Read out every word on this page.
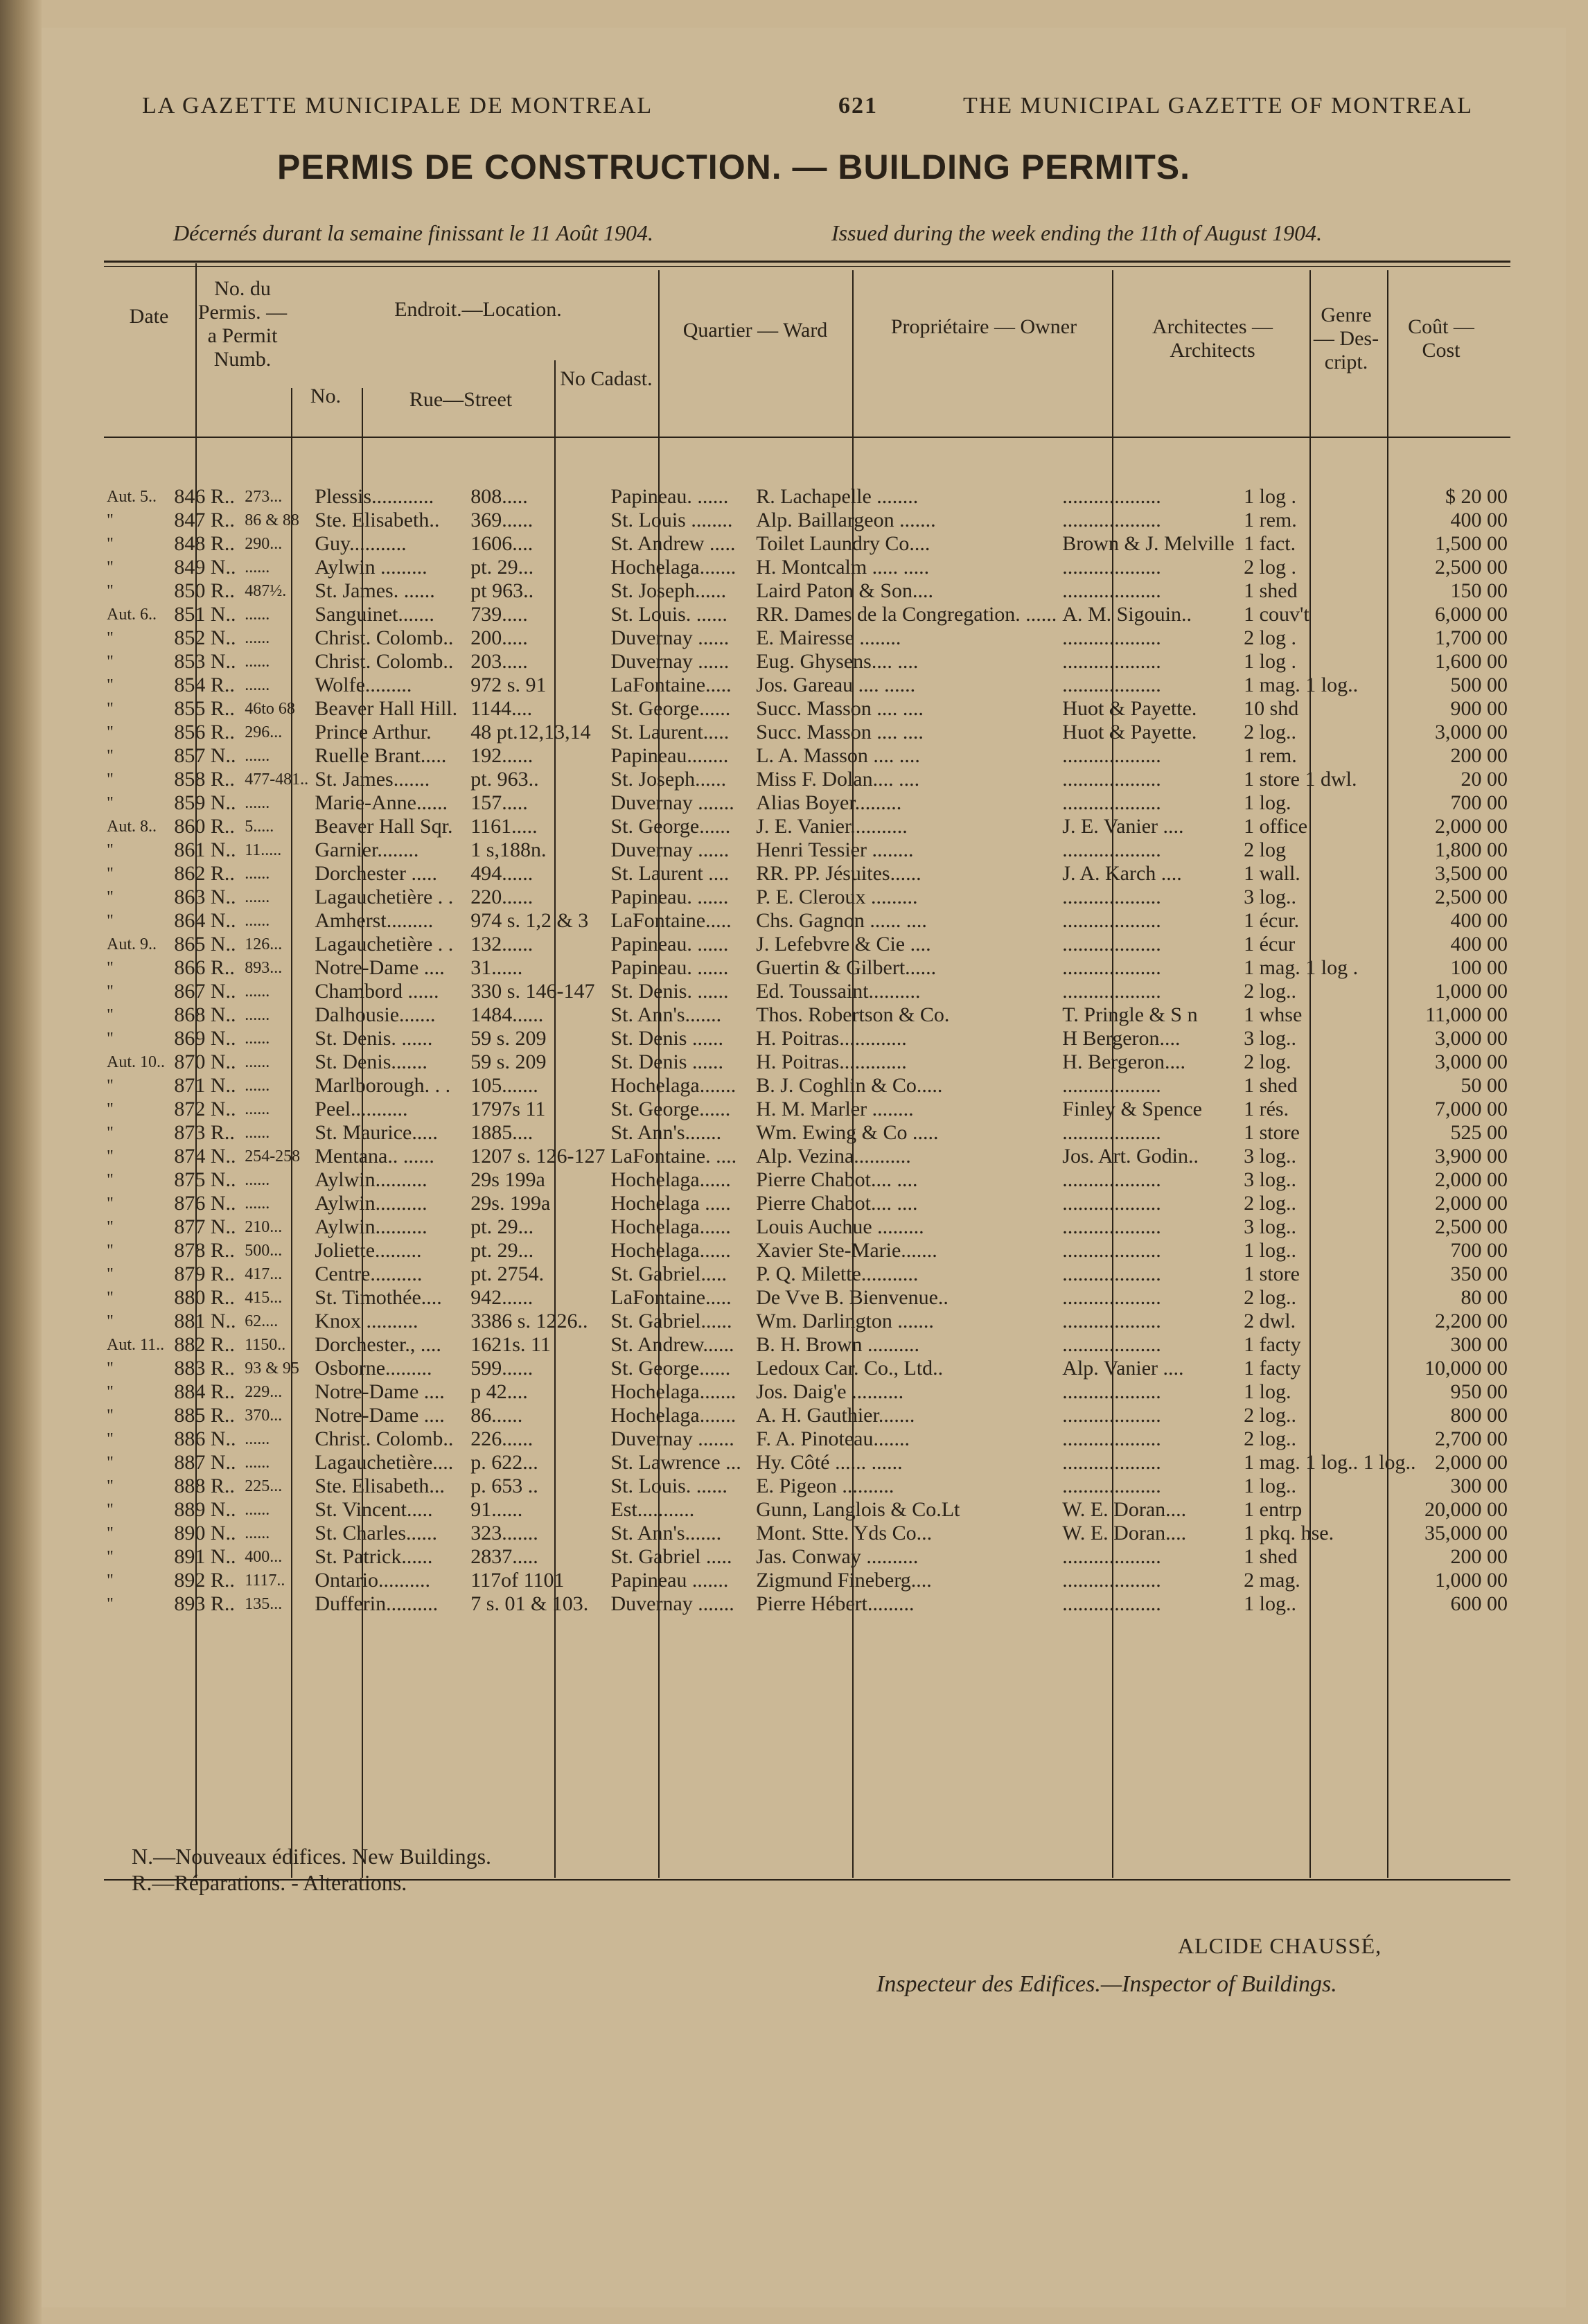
LA GAZETTE MUNICIPALE DE MONTREAL	621	THE MUNICIPAL GAZETTE OF MONTREAL
PERMIS DE CONSTRUCTION. — BUILDING PERMITS.
Décernés durant la semaine finissant le 11 Août 1904.	Issued during the week ending the 11th of August 1904.
Date
No. du Permis. —a Permit Numb.
Endroit.—Location.
No.	Rue—Street
No Cadast.
Quartier — Ward	Propriétaire — Owner	Architectes — Architects
Genre — Des-cript.
Coût — Cost
Aut. 5..	846 R..	273...	Plessis............	808.....	Papineau. ......	R. Lachapelle ........	...................	1 log .	$ 20 00
"	847 R..	86 & 88	Ste. Elisabeth..	369......	St. Louis ........	Alp. Baillargeon .......	...................	1 rem.	400 00
"	848 R..	290...	Guy...........	1606....	St. Andrew .....	Toilet Laundry Co....	Brown & J. Melville	1 fact.	1,500 00
"	849 N..	......	Aylwin .........	pt. 29...	Hochelaga.......	H. Montcalm ..... .....	...................	2 log .	2,500 00
"	850 R..	487½.	St. James. ......	pt 963..	St. Joseph......	Laird Paton & Son....	...................	1 shed	150 00
Aut. 6..	851 N..	......	Sanguinet.......	739.....	St. Louis. ......	RR. Dames de la Congregation. ......	A. M. Sigouin..	1 couv't	6,000 00
"	852 N..	......	Christ. Colomb..	200.....	Duvernay ......	E. Mairesse ........	...................	2 log .	1,700 00
"	853 N..	......	Christ. Colomb..	203.....	Duvernay ......	Eug. Ghysens.... ....	...................	1 log .	1,600 00
"	854 R..	......	Wolfe.........	972 s. 91	LaFontaine.....	Jos. Gareau .... ......	...................	1 mag. 1 log..	500 00
"	855 R..	46to 68	Beaver Hall Hill.	1144....	St. George......	Succ. Masson .... ....	Huot & Payette.	10 shd	900 00
"	856 R..	296...	Prince Arthur.	48 pt.12,13,14	St. Laurent.....	Succ. Masson .... ....	Huot & Payette.	2 log..	3,000 00
"	857 N..	......	Ruelle Brant.....	192......	Papineau........	L. A. Masson .... ....	...................	1 rem.	200 00
"	858 R..	477-481..	St. James.......	pt. 963..	St. Joseph......	Miss F. Dolan.... ....	...................	1 store 1 dwl.	20 00
"	859 N..	......	Marie-Anne......	157.....	Duvernay .......	Alias Boyer.........	...................	1 log.	700 00
Aut. 8..	860 R..	5.....	Beaver Hall Sqr.	1161.....	St. George......	J. E. Vanier...........	J. E. Vanier ....	1 office	2,000 00
"	861 N..	11.....	Garnier........	1 s,188n.	Duvernay ......	Henri Tessier ........	...................	2 log	1,800 00
"	862 R..	......	Dorchester .....	494......	St. Laurent ....	RR. PP. Jésuites......	J. A. Karch ....	1 wall.	3,500 00
"	863 N..	......	Lagauchetière . .	220......	Papineau. ......	P. E. Cleroux .........	...................	3 log..	2,500 00
"	864 N..	......	Amherst.........	974 s. 1,2 & 3	LaFontaine.....	Chs. Gagnon ...... ....	...................	1 écur.	400 00
Aut. 9..	865 N..	126...	Lagauchetière . .	132......	Papineau. ......	J. Lefebvre & Cie ....	...................	1 écur	400 00
"	866 R..	893...	Notre-Dame ....	31......	Papineau. ......	Guertin & Gilbert......	...................	1 mag. 1 log .	100 00
"	867 N..	......	Chambord ......	330 s. 146-147	St. Denis. ......	Ed. Toussaint..........	...................	2 log..	1,000 00
"	868 N..	......	Dalhousie.......	1484......	St. Ann's.......	Thos. Robertson & Co.	T. Pringle & S n	1 whse	11,000 00
"	869 N..	......	St. Denis. ......	59 s. 209	St. Denis ......	H. Poitras.............	H Bergeron....	3 log..	3,000 00
Aut. 10..	870 N..	......	St. Denis.......	59 s. 209	St. Denis ......	H. Poitras.............	H. Bergeron....	2 log.	3,000 00
"	871 N..	......	Marlborough. . .	105.......	Hochelaga.......	B. J. Coghlin & Co.....	...................	1 shed	50 00
"	872 N..	......	Peel...........	1797s 11	St. George......	H. M. Marler ........	Finley & Spence	1 rés.	7,000 00
"	873 R..	......	St. Maurice.....	1885....	St. Ann's.......	Wm. Ewing & Co .....	...................	1 store	525 00
"	874 N..	254-258	Mentana.. ......	1207 s. 126-127	LaFontaine. ....	Alp. Vezina...........	Jos. Art. Godin..	3 log..	3,900 00
"	875 N..	......	Aylwin..........	29s 199a	Hochelaga......	Pierre Chabot.... ....	...................	3 log..	2,000 00
"	876 N..	......	Aylwin..........	29s. 199a	Hochelaga .....	Pierre Chabot.... ....	...................	2 log..	2,000 00
"	877 N..	210...	Aylwin..........	pt. 29...	Hochelaga......	Louis Auchue .........	...................	3 log..	2,500 00
"	878 R..	500...	Joliette.........	pt. 29...	Hochelaga......	Xavier Ste-Marie.......	...................	1 log..	700 00
"	879 R..	417...	Centre..........	pt. 2754.	St. Gabriel.....	P. Q. Milette...........	...................	1 store	350 00
"	880 R..	415...	St. Timothée....	942......	LaFontaine.....	De Vve B. Bienvenue..	...................	2 log..	80 00
"	881 N..	62....	Knox ..........	3386 s. 1226..	St. Gabriel......	Wm. Darlington .......	...................	2 dwl.	2,200 00
Aut. 11..	882 R..	1150..	Dorchester., ....	1621s. 11	St. Andrew......	B. H. Brown ..........	...................	1 facty	300 00
"	883 R..	93 & 95	Osborne.........	599......	St. George......	Ledoux Car. Co., Ltd..	Alp. Vanier ....	1 facty	10,000 00
"	884 R..	229...	Notre-Dame ....	p 42....	Hochelaga.......	Jos. Daig'e ..........	...................	1 log.	950 00
"	885 R..	370...	Notre-Dame ....	86......	Hochelaga.......	A. H. Gauthier.......	...................	2 log..	800 00
"	886 N..	......	Christ. Colomb..	226......	Duvernay .......	F. A. Pinoteau.......	...................	2 log..	2,700 00
"	887 N..	......	Lagauchetière....	p. 622...	St. Lawrence ...	Hy. Côté ...... ......	...................	1 mag. 1 log.. 1 log..	2,000 00
"	888 R..	225...	Ste. Elisabeth...	p. 653 ..	St. Louis. ......	E. Pigeon ..........	...................	1 log..	300 00
"	889 N..	......	St. Vincent.....	91......	Est...........	Gunn, Langlois & Co.Lt	W. E. Doran....	1 entrp	20,000 00
"	890 N..	......	St. Charles......	323.......	St. Ann's.......	Mont. Stte. Yds Co...	W. E. Doran....	1 pkq. hse.	35,000 00
"	891 N..	400...	St. Patrick......	2837.....	St. Gabriel .....	Jas. Conway ..........	...................	1 shed	200 00
"	892 R..	1117..	Ontario..........	117of 1101	Papineau .......	Zigmund Fineberg....	...................	2 mag.	1,000 00
"	893 R..	135...	Dufferin..........	7 s. 01 & 103.	Duvernay .......	Pierre Hébert.........	...................	1 log..	600 00
N.—Nouveaux édifices. New Buildings.
R.—Réparations. - Alterations.
ALCIDE CHAUSSÉ,
Inspecteur des Edifices.—Inspector of Buildings.
